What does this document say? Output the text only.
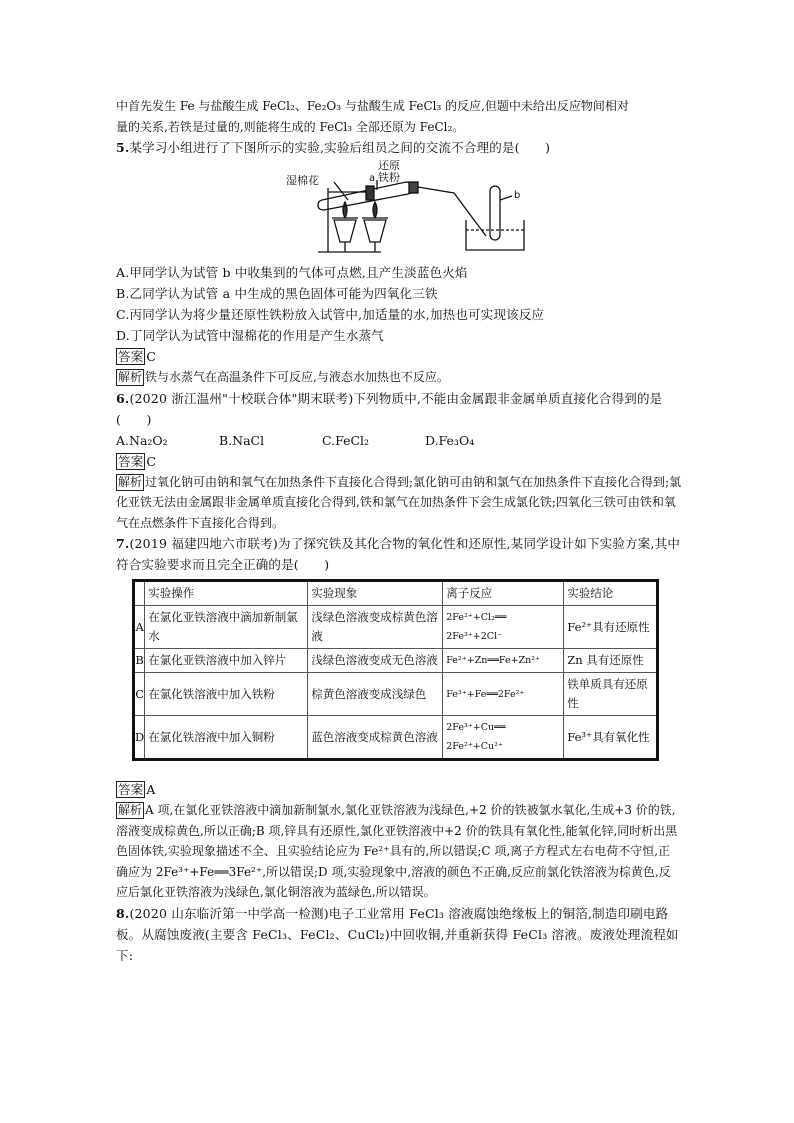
中首先发生 Fe 与盐酸生成 FeCl₂、Fe₂O₃ 与盐酸生成 FeCl₃ 的反应,但题中未给出反应物间相对
量的关系,若铁是过量的,则能将生成的 FeCl₃ 全部还原为 FeCl₂。
5.某学习小组进行了下图所示的实验,实验后组员之间的交流不合理的是(　　)
湿棉花
还原
铁粉
a
b
A.甲同学认为试管 b 中收集到的气体可点燃,且产生淡蓝色火焰
B.乙同学认为试管 a 中生成的黑色固体可能为四氧化三铁
C.丙同学认为将少量还原性铁粉放入试管中,加适量的水,加热也可实现该反应
D.丁同学认为试管中湿棉花的作用是产生水蒸气
答案 C
解析 铁与水蒸气在高温条件下可反应,与液态水加热也不反应。
6.(2020 浙江温州"十校联合体"期末联考)下列物质中,不能由金属跟非金属单质直接化合得到的是(　　)
A.Na₂O₂	B.NaCl	C.FeCl₂	D.Fe₃O₄
答案 C
解析 过氧化钠可由钠和氧气在加热条件下直接化合得到;氯化钠可由钠和氯气在加热条件下直接化合得到;氯化亚铁无法由金属跟非金属单质直接化合得到,铁和氯气在加热条件下会生成氯化铁;四氧化三铁可由铁和氧气在点燃条件下直接化合得到。
7.(2019 福建四地六市联考)为了探究铁及其化合物的氧化性和还原性,某同学设计如下实验方案,其中符合实验要求而且完全正确的是(　　)
	实验操作	实验现象	离子反应	实验结论
A	在氯化亚铁溶液中滴加新制氯水	浅绿色溶液变成棕黄色溶液	2Fe²⁺+Cl₂══
2Fe³⁺+2Cl⁻	Fe²⁺具有还原性
B	在氯化亚铁溶液中加入锌片	浅绿色溶液变成无色溶液	Fe²⁺+Zn══Fe+Zn²⁺	Zn 具有还原性
C	在氯化铁溶液中加入铁粉	棕黄色溶液变成浅绿色	Fe³⁺+Fe══2Fe²⁺	铁单质具有还原性
D	在氯化铁溶液中加入铜粉	蓝色溶液变成棕黄色溶液	2Fe³⁺+Cu══
2Fe²⁺+Cu²⁺	Fe³⁺具有氧化性
答案 A
解析 A 项,在氯化亚铁溶液中滴加新制氯水,氯化亚铁溶液为浅绿色,+2 价的铁被氯水氧化,生成+3 价的铁,溶液变成棕黄色,所以正确;B 项,锌具有还原性,氯化亚铁溶液中+2 价的铁具有氧化性,能氧化锌,同时析出黑色固体铁,实验现象描述不全、且实验结论应为 Fe²⁺具有的,所以错误;C 项,离子方程式左右电荷不守恒,正确应为 2Fe³⁺+Fe══3Fe²⁺,所以错误;D 项,实验现象中,溶液的颜色不正确,反应前氯化铁溶液为棕黄色,反应后氯化亚铁溶液为浅绿色,氯化铜溶液为蓝绿色,所以错误。
8.(2020 山东临沂第一中学高一检测)电子工业常用 FeCl₃ 溶液腐蚀绝缘板上的铜箔,制造印刷电路板。从腐蚀废液(主要含 FeCl₃、FeCl₂、CuCl₂)中回收铜,并重新获得 FeCl₃ 溶液。废液处理流程如下:
